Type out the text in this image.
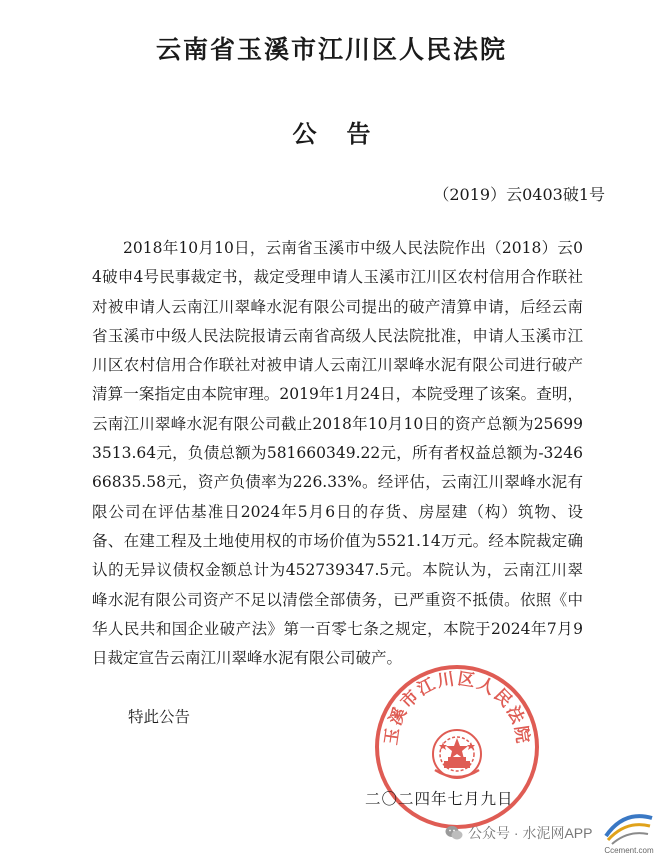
云南省玉溪市江川区人民法院
公告
（2019）云0403破1号

2018年10月10日，云南省玉溪市中级人民法院作出（2018）云04破申4号民事裁定书，裁定受理申请人玉溪市江川区农村信用合作联社对被申请人云南江川翠峰水泥有限公司提出的破产清算申请，后经云南省玉溪市中级人民法院报请云南省高级人民法院批准，申请人玉溪市江川区农村信用合作联社对被申请人云南江川翠峰水泥有限公司进行破产清算一案指定由本院审理。2019年1月24日，本院受理了该案。查明，云南江川翠峰水泥有限公司截止2018年10月10日的资产总额为256993513.64元，负债总额为581660349.22元，所有者权益总额为-324666835.58元，资产负债率为226.33%。经评估，云南江川翠峰水泥有限公司在评估基准日2024年5月6日的存货、房屋建（构）筑物、设备、在建工程及土地使用权的市场价值为5521.14万元。经本院裁定确认的无异议债权金额总计为452739347.5元。本院认为，云南江川翠峰水泥有限公司资产不足以清偿全部债务，已严重资不抵债。依照《中华人民共和国企业破产法》第一百零七条之规定，本院于2024年7月9日裁定宣告云南江川翠峰水泥有限公司破产。

特此公告
玉溪市江川区人民法院
二〇二四年七月九日
公众号 · 水泥网APP
Ccement.com
